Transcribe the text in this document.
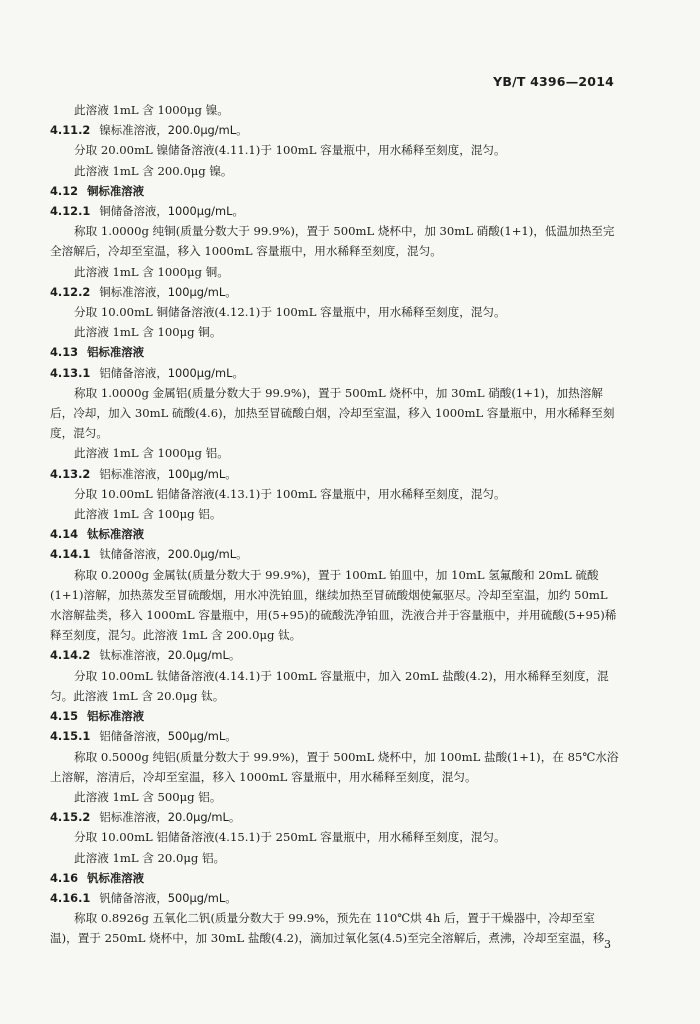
YB/T 4396—2014

此溶液 1mL 含 1000μg 镍。

4.11.2 镍标准溶液，200.0μg/mL。

分取 20.00mL 镍储备溶液(4.11.1)于 100mL 容量瓶中，用水稀释至刻度，混匀。

此溶液 1mL 含 200.0μg 镍。

4.12 铜标准溶液

4.12.1 铜储备溶液，1000μg/mL。

称取 1.0000g 纯铜(质量分数大于 99.9%)，置于 500mL 烧杯中，加 30mL 硝酸(1+1)，低温加热至完全溶解后，冷却至室温，移入 1000mL 容量瓶中，用水稀释至刻度，混匀。

此溶液 1mL 含 1000μg 铜。

4.12.2 铜标准溶液，100μg/mL。

分取 10.00mL 铜储备溶液(4.12.1)于 100mL 容量瓶中，用水稀释至刻度，混匀。

此溶液 1mL 含 100μg 铜。

4.13 铝标准溶液

4.13.1 铝储备溶液，1000μg/mL。

称取 1.0000g 金属铝(质量分数大于 99.9%)，置于 500mL 烧杯中，加 30mL 硝酸(1+1)，加热溶解后，冷却，加入 30mL 硫酸(4.6)，加热至冒硫酸白烟，冷却至室温，移入 1000mL 容量瓶中，用水稀释至刻度，混匀。

此溶液 1mL 含 1000μg 铝。

4.13.2 铝标准溶液，100μg/mL。

分取 10.00mL 铝储备溶液(4.13.1)于 100mL 容量瓶中，用水稀释至刻度，混匀。

此溶液 1mL 含 100μg 铝。

4.14 钛标准溶液

4.14.1 钛储备溶液，200.0μg/mL。

称取 0.2000g 金属钛(质量分数大于 99.9%)，置于 100mL 铂皿中，加 10mL 氢氟酸和 20mL 硫酸(1+1)溶解，加热蒸发至冒硫酸烟，用水冲洗铂皿，继续加热至冒硫酸烟使氟驱尽。冷却至室温，加约 50mL 水溶解盐类，移入 1000mL 容量瓶中，用(5+95)的硫酸洗净铂皿，洗液合并于容量瓶中，并用硫酸(5+95)稀释至刻度，混匀。此溶液 1mL 含 200.0μg 钛。

4.14.2 钛标准溶液，20.0μg/mL。

分取 10.00mL 钛储备溶液(4.14.1)于 100mL 容量瓶中，加入 20mL 盐酸(4.2)，用水稀释至刻度，混匀。此溶液 1mL 含 20.0μg 钛。

4.15 铝标准溶液

4.15.1 铝储备溶液，500μg/mL。

称取 0.5000g 纯铝(质量分数大于 99.9%)，置于 500mL 烧杯中，加 100mL 盐酸(1+1)，在 85℃水浴上溶解，溶清后，冷却至室温，移入 1000mL 容量瓶中，用水稀释至刻度，混匀。

此溶液 1mL 含 500μg 铝。

4.15.2 铝标准溶液，20.0μg/mL。

分取 10.00mL 铝储备溶液(4.15.1)于 250mL 容量瓶中，用水稀释至刻度，混匀。

此溶液 1mL 含 20.0μg 铝。

4.16 钒标准溶液

4.16.1 钒储备溶液，500μg/mL。

称取 0.8926g 五氧化二钒(质量分数大于 99.9%，预先在 110℃烘 4h 后，置于干燥器中，冷却至室温)，置于 250mL 烧杯中，加 30mL 盐酸(4.2)，滴加过氧化氢(4.5)至完全溶解后，煮沸，冷却至室温，移 3
